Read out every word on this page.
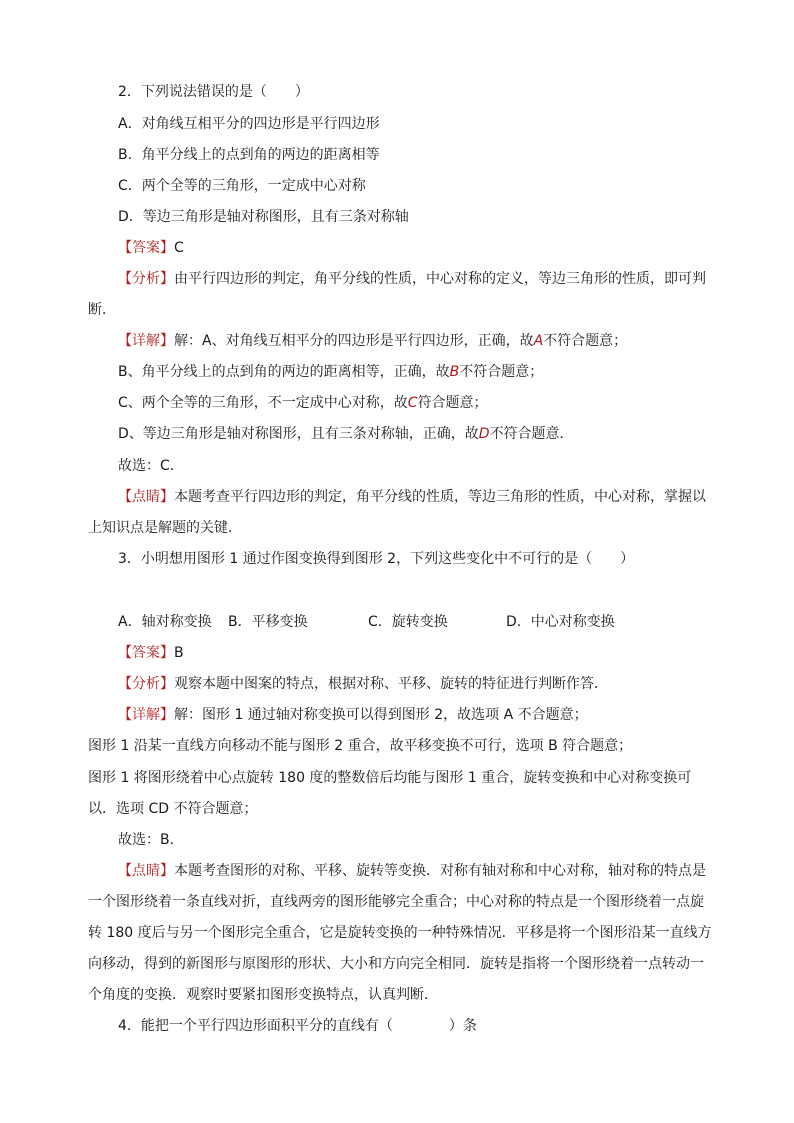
2．下列说法错误的是（　　）
A．对角线互相平分的四边形是平行四边形
B．角平分线上的点到角的两边的距离相等
C．两个全等的三角形，一定成中心对称
D．等边三角形是轴对称图形，且有三条对称轴
【答案】C
【分析】由平行四边形的判定，角平分线的性质，中心对称的定义，等边三角形的性质，即可判
断．
【详解】解：A、对角线互相平分的四边形是平行四边形，正确，故A不符合题意；
B、角平分线上的点到角的两边的距离相等，正确，故B不符合题意；
C、两个全等的三角形，不一定成中心对称，故C符合题意；
D、等边三角形是轴对称图形，且有三条对称轴，正确，故D不符合题意．
故选：C．
【点睛】本题考查平行四边形的判定，角平分线的性质，等边三角形的性质，中心对称，掌握以
上知识点是解题的关键．
3．小明想用图形 1 通过作图变换得到图形 2，下列这些变化中不可行的是（　　）
A．轴对称变换 B．平移变换	C．旋转变换	D．中心对称变换
【答案】B
【分析】观察本题中图案的特点，根据对称、平移、旋转的特征进行判断作答．
【详解】解：图形 1 通过轴对称变换可以得到图形 2，故选项 A 不合题意；
图形 1 沿某一直线方向移动不能与图形 2 重合，故平移变换不可行，选项 B 符合题意；
图形 1 将图形绕着中心点旋转 180 度的整数倍后均能与图形 1 重合，旋转变换和中心对称变换可
以．选项 CD 不符合题意；
故选：B．
【点睛】本题考查图形的对称、平移、旋转等变换．对称有轴对称和中心对称，轴对称的特点是
一个图形绕着一条直线对折，直线两旁的图形能够完全重合；中心对称的特点是一个图形绕着一点旋
转 180 度后与另一个图形完全重合，它是旋转变换的一种特殊情况．平移是将一个图形沿某一直线方
向移动，得到的新图形与原图形的形状、大小和方向完全相同．旋转是指将一个图形绕着一点转动一
个角度的变换．观察时要紧扣图形变换特点，认真判断．
4．能把一个平行四边形面积平分的直线有（　　　　）条
